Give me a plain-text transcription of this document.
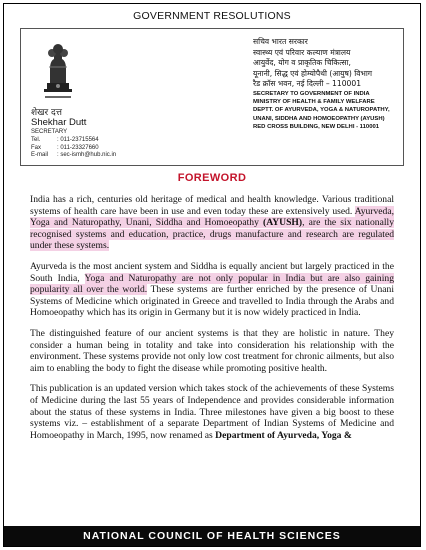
GOVERNMENT RESOLUTIONS
शेखर दत्त
Shekhar Dutt
SECRETARY
Tel.	: 011-23715564
Fax	: 011-23327660
E-mail : sec-ismh@hub.nic.in
सचिव भारत सरकार
स्वास्थ्य एवं परिवार कल्याण मंत्रालय
आयुर्वेद, योग व प्राकृतिक चिकित्सा,
यूनानी, सिद्ध एवं होम्योपैथी (आयुष) विभाग
रैड क्रॉस भवन, नई दिल्ली – 110001
SECRETARY TO GOVERNMENT OF INDIA
MINISTRY OF HEALTH & FAMILY WELFARE
DEPTT. OF AYURVEDA, YOGA & NATUROPATHY,
UNANI, SIDDHA AND HOMOEOPATHY (AYUSH)
RED CROSS BUILDING, NEW DELHI - 110001
FOREWORD

India has a rich, centuries old heritage of medical and health knowledge. Various traditional systems of health care have been in use and even today these are extensively used. Ayurveda, Yoga and Naturopathy, Unani, Siddha and Homoeopathy (AYUSH), are the six nationally recognised systems and education, practice, drugs manufacture and research are regulated under these systems.

Ayurveda is the most ancient system and Siddha is equally ancient but largely practiced in the South India, Yoga and Naturopathy are not only popular in India but are also gaining popularity all over the world. These systems are further enriched by the presence of Unani Systems of Medicine which originated in Greece and travelled to India through the Arabs and Homoeopathy which has its origin in Germany but it is now widely practiced in India.

The distinguished feature of our ancient systems is that they are holistic in nature. They consider a human being in totality and take into consideration his relationship with the environment. These systems provide not only low cost treatment for chronic ailments, but also aim to enabling the body to fight the disease while promoting positive health.

This publication is an updated version which takes stock of the achievements of these Systems of Medicine during the last 55 years of Independence and provides considerable information about the status of these systems in India. Three milestones have given a big boost to these systems viz. – establishment of a separate Department of Indian Systems of Medicine and Homoeopathy in March, 1995, now renamed as Department of Ayurveda, Yoga &

NATIONAL COUNCIL OF HEALTH SCIENCES
